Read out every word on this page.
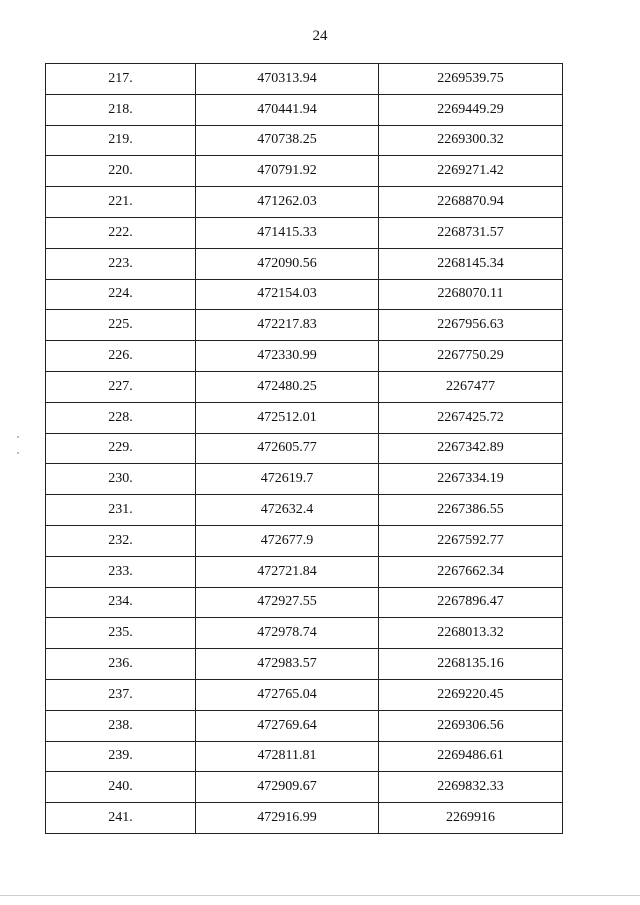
24
217.	470313.94	2269539.75
218.	470441.94	2269449.29
219.	470738.25	2269300.32
220.	470791.92	2269271.42
221.	471262.03	2268870.94
222.	471415.33	2268731.57
223.	472090.56	2268145.34
224.	472154.03	2268070.11
225.	472217.83	2267956.63
226.	472330.99	2267750.29
227.	472480.25	2267477
228.	472512.01	2267425.72
229.	472605.77	2267342.89
230.	472619.7	2267334.19
231.	472632.4	2267386.55
232.	472677.9	2267592.77
233.	472721.84	2267662.34
234.	472927.55	2267896.47
235.	472978.74	2268013.32
236.	472983.57	2268135.16
237.	472765.04	2269220.45
238.	472769.64	2269306.56
239.	472811.81	2269486.61
240.	472909.67	2269832.33
241.	472916.99	2269916
